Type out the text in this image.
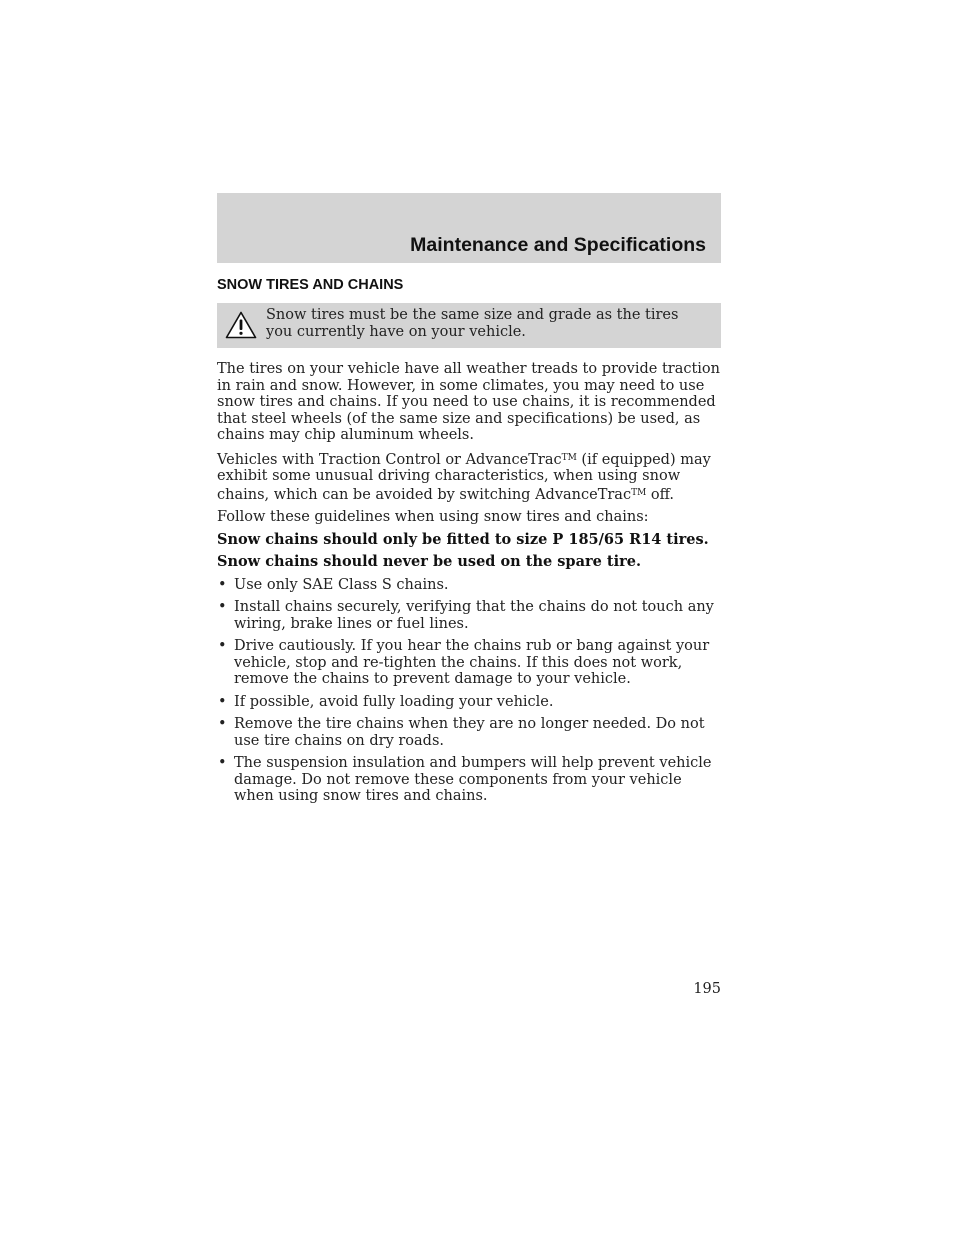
Maintenance and Specifications
SNOW TIRES AND CHAINS
Snow tires must be the same size and grade as the tires you currently have on your vehicle.

The tires on your vehicle have all weather treads to provide traction in rain and snow. However, in some climates, you may need to use snow tires and chains. If you need to use chains, it is recommended that steel wheels (of the same size and specifications) be used, as chains may chip aluminum wheels.

Vehicles with Traction Control or AdvanceTrac™ (if equipped) may exhibit some unusual driving characteristics, when using snow chains, which can be avoided by switching AdvanceTrac™ off.

Follow these guidelines when using snow tires and chains:

Snow chains should only be fitted to size P 185/65 R14 tires.

Snow chains should never be used on the spare tire.

• Use only SAE Class S chains.
• Install chains securely, verifying that the chains do not touch any wiring, brake lines or fuel lines.
• Drive cautiously. If you hear the chains rub or bang against your vehicle, stop and re-tighten the chains. If this does not work, remove the chains to prevent damage to your vehicle.
• If possible, avoid fully loading your vehicle.
• Remove the tire chains when they are no longer needed. Do not use tire chains on dry roads.
• The suspension insulation and bumpers will help prevent vehicle damage. Do not remove these components from your vehicle when using snow tires and chains.
195
